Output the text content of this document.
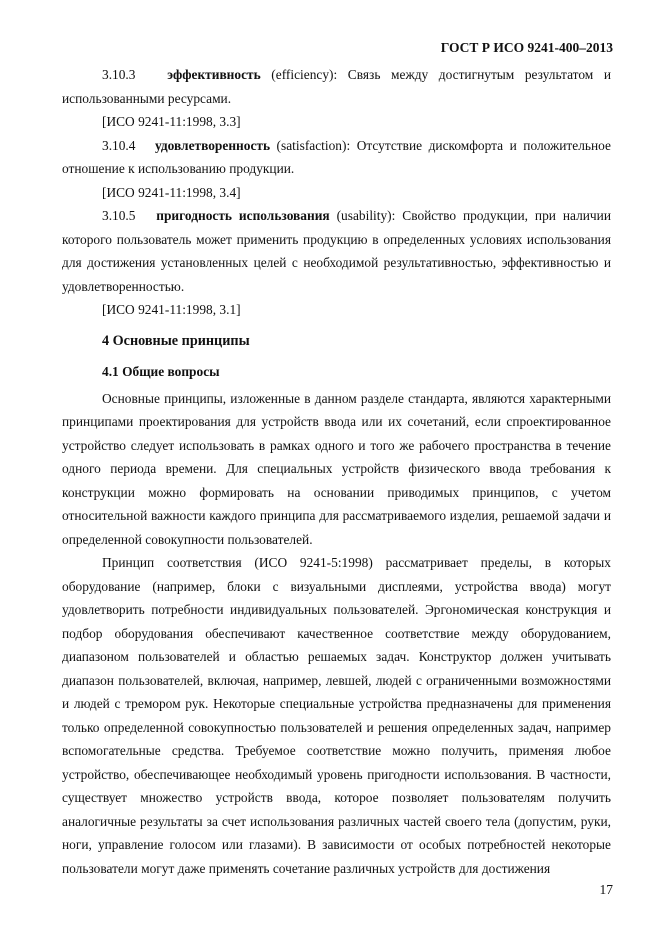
ГОСТ Р ИСО 9241-400–2013

3.10.3 эффективность (efficiency): Связь между достигнутым результатом и использованными ресурсами.

[ИСО 9241-11:1998, 3.3]

3.10.4 удовлетворенность (satisfaction): Отсутствие дискомфорта и положительное отношение к использованию продукции.

[ИСО 9241-11:1998, 3.4]

3.10.5 пригодность использования (usability): Свойство продукции, при наличии которого пользователь может применить продукцию в определенных условиях использования для достижения установленных целей с необходимой результативностью, эффективностью и удовлетворенностью.

[ИСО 9241-11:1998, 3.1]

4 Основные принципы

4.1 Общие вопросы

Основные принципы, изложенные в данном разделе стандарта, являются характерными принципами проектирования для устройств ввода или их сочетаний, если спроектированное устройство следует использовать в рамках одного и того же рабочего пространства в течение одного периода времени. Для специальных устройств физического ввода требования к конструкции можно формировать на основании приводимых принципов, с учетом относительной важности каждого принципа для рассматриваемого изделия, решаемой задачи и определенной совокупности пользователей.

Принцип соответствия (ИСО 9241-5:1998) рассматривает пределы, в которых оборудование (например, блоки с визуальными дисплеями, устройства ввода) могут удовлетворить потребности индивидуальных пользователей. Эргономическая конструкция и подбор оборудования обеспечивают качественное соответствие между оборудованием, диапазоном пользователей и областью решаемых задач. Конструктор должен учитывать диапазон пользователей, включая, например, левшей, людей с ограниченными возможностями и людей с тремором рук. Некоторые специальные устройства предназначены для применения только определенной совокупностью пользователей и решения определенных задач, например вспомогательные средства. Требуемое соответствие можно получить, применяя любое устройство, обеспечивающее необходимый уровень пригодности использования. В частности, существует множество устройств ввода, которое позволяет пользователям получить аналогичные результаты за счет использования различных частей своего тела (допустим, руки, ноги, управление голосом или глазами). В зависимости от особых потребностей некоторые пользователи могут даже применять сочетание различных устройств для достижения

17
